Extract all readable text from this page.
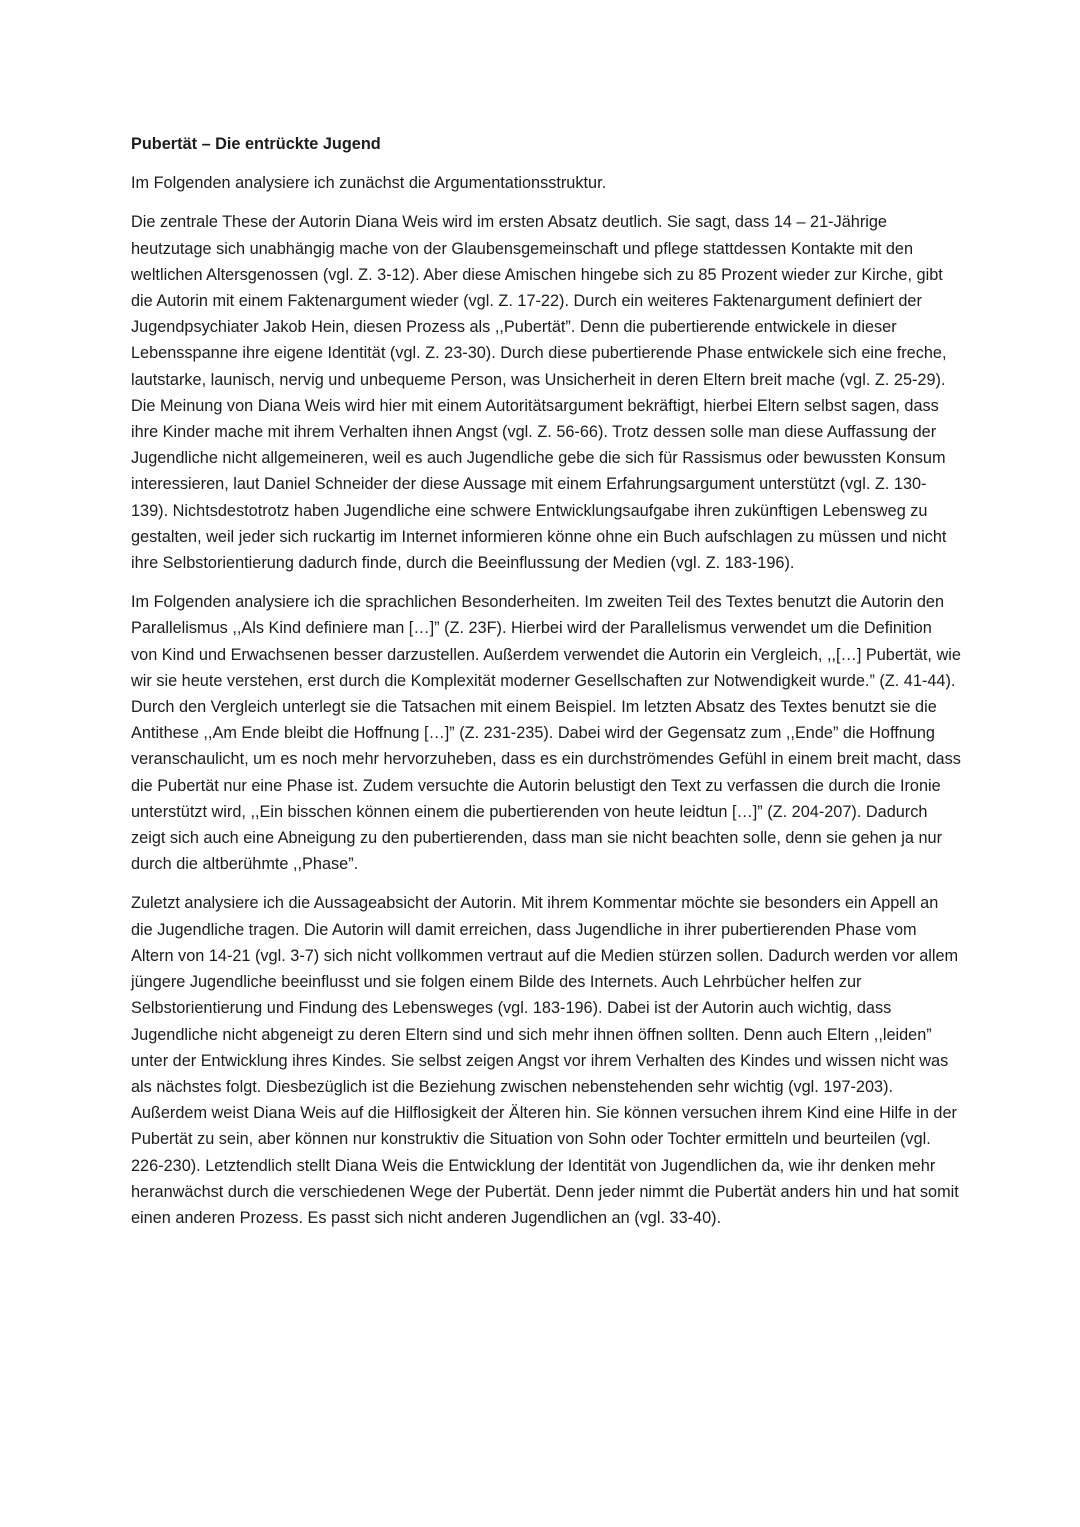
Pubertät – Die entrückte Jugend

Im Folgenden analysiere ich zunächst die Argumentationsstruktur.

Die zentrale These der Autorin Diana Weis wird im ersten Absatz deutlich. Sie sagt, dass 14 – 21-Jährige heutzutage sich unabhängig mache von der Glaubensgemeinschaft und pflege stattdessen Kontakte mit den weltlichen Altersgenossen (vgl. Z. 3-12). Aber diese Amischen hingebe sich zu 85 Prozent wieder zur Kirche, gibt die Autorin mit einem Faktenargument wieder (vgl. Z. 17-22). Durch ein weiteres Faktenargument definiert der Jugendpsychiater Jakob Hein, diesen Prozess als ,,Pubertät”. Denn die pubertierende entwickele in dieser Lebensspanne ihre eigene Identität (vgl. Z. 23-30). Durch diese pubertierende Phase entwickele sich eine freche, lautstarke, launisch, nervig und unbequeme Person, was Unsicherheit in deren Eltern breit mache (vgl. Z. 25-29). Die Meinung von Diana Weis wird hier mit einem Autoritätsargument bekräftigt, hierbei Eltern selbst sagen, dass ihre Kinder mache mit ihrem Verhalten ihnen Angst (vgl. Z. 56-66). Trotz dessen solle man diese Auffassung der Jugendliche nicht allgemeineren, weil es auch Jugendliche gebe die sich für Rassismus oder bewussten Konsum interessieren, laut Daniel Schneider der diese Aussage mit einem Erfahrungsargument unterstützt (vgl. Z. 130-139). Nichtsdestotrotz haben Jugendliche eine schwere Entwicklungsaufgabe ihren zukünftigen Lebensweg zu gestalten, weil jeder sich ruckartig im Internet informieren könne ohne ein Buch aufschlagen zu müssen und nicht ihre Selbstorientierung dadurch finde, durch die Beeinflussung der Medien (vgl. Z. 183-196).

Im Folgenden analysiere ich die sprachlichen Besonderheiten. Im zweiten Teil des Textes benutzt die Autorin den Parallelismus ,,Als Kind definiere man […]” (Z. 23F). Hierbei wird der Parallelismus verwendet um die Definition von Kind und Erwachsenen besser darzustellen. Außerdem verwendet die Autorin ein Vergleich, ,,[…] Pubertät, wie wir sie heute verstehen, erst durch die Komplexität moderner Gesellschaften zur Notwendigkeit wurde.” (Z. 41-44). Durch den Vergleich unterlegt sie die Tatsachen mit einem Beispiel. Im letzten Absatz des Textes benutzt sie die Antithese ,,Am Ende bleibt die Hoffnung […]” (Z. 231-235). Dabei wird der Gegensatz zum ,,Ende” die Hoffnung veranschaulicht, um es noch mehr hervorzuheben, dass es ein durchströmendes Gefühl in einem breit macht, dass die Pubertät nur eine Phase ist. Zudem versuchte die Autorin belustigt den Text zu verfassen die durch die Ironie unterstützt wird, ,,Ein bisschen können einem die pubertierenden von heute leidtun […]” (Z. 204-207). Dadurch zeigt sich auch eine Abneigung zu den pubertierenden, dass man sie nicht beachten solle, denn sie gehen ja nur durch die altberühmte ,,Phase”.

Zuletzt analysiere ich die Aussageabsicht der Autorin. Mit ihrem Kommentar möchte sie besonders ein Appell an die Jugendliche tragen. Die Autorin will damit erreichen, dass Jugendliche in ihrer pubertierenden Phase vom Altern von 14-21 (vgl. 3-7) sich nicht vollkommen vertraut auf die Medien stürzen sollen. Dadurch werden vor allem jüngere Jugendliche beeinflusst und sie folgen einem Bilde des Internets. Auch Lehrbücher helfen zur Selbstorientierung und Findung des Lebensweges (vgl. 183-196). Dabei ist der Autorin auch wichtig, dass Jugendliche nicht abgeneigt zu deren Eltern sind und sich mehr ihnen öffnen sollten. Denn auch Eltern ,,leiden” unter der Entwicklung ihres Kindes. Sie selbst zeigen Angst vor ihrem Verhalten des Kindes und wissen nicht was als nächstes folgt. Diesbezüglich ist die Beziehung zwischen nebenstehenden sehr wichtig (vgl. 197-203). Außerdem weist Diana Weis auf die Hilflosigkeit der Älteren hin. Sie können versuchen ihrem Kind eine Hilfe in der Pubertät zu sein, aber können nur konstruktiv die Situation von Sohn oder Tochter ermitteln und beurteilen (vgl. 226-230). Letztendlich stellt Diana Weis die Entwicklung der Identität von Jugendlichen da, wie ihr denken mehr heranwächst durch die verschiedenen Wege der Pubertät. Denn jeder nimmt die Pubertät anders hin und hat somit einen anderen Prozess. Es passt sich nicht anderen Jugendlichen an (vgl. 33-40).
